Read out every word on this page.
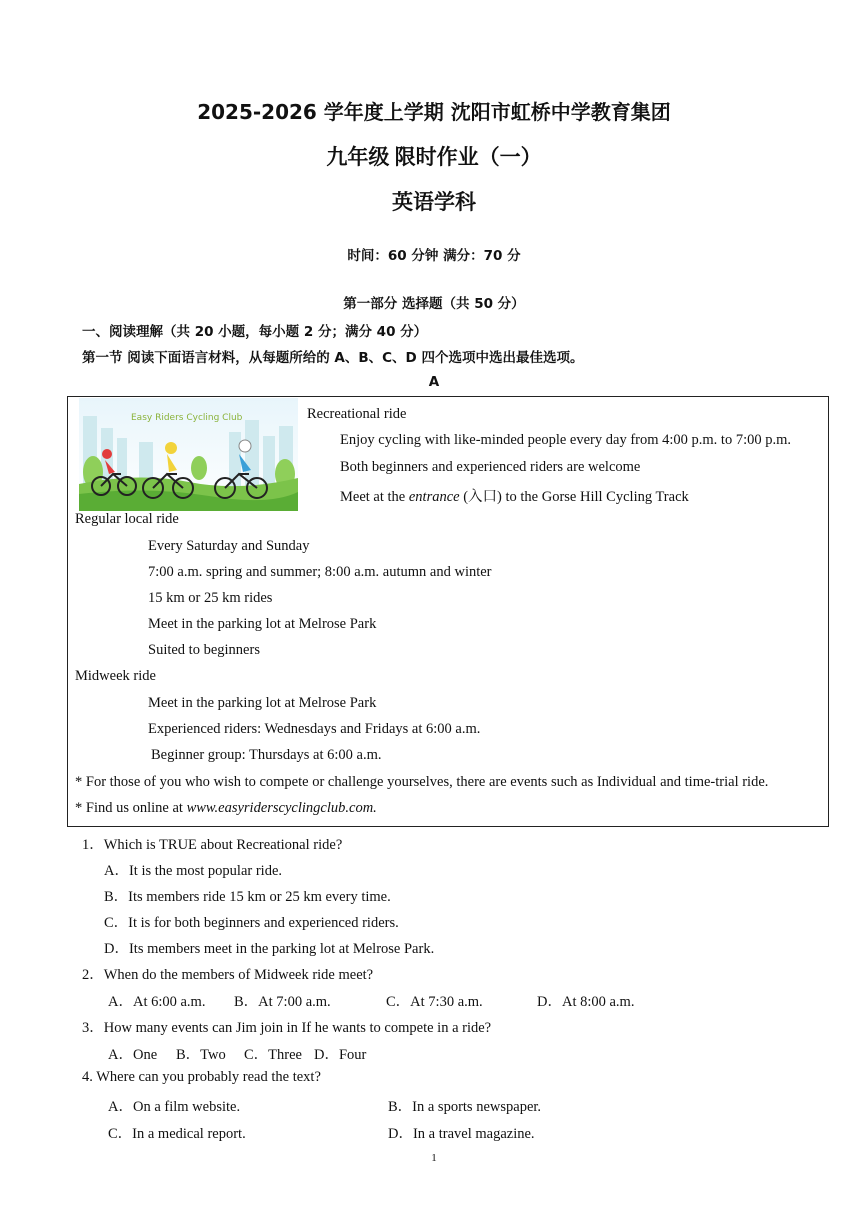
2025-2026 学年度上学期 沈阳市虹桥中学教育集团
九年级 限时作业（一）
英语学科
时间：60 分钟 满分：70 分
第一部分 选择题（共 50 分）
一、阅读理解（共 20 小题，每小题 2 分；满分 40 分）
第一节 阅读下面语言材料，从每题所给的 A、B、C、D 四个选项中选出最佳选项。
A
Easy Riders Cycling Club	Recreational ride
Enjoy cycling with like-minded people every day from 4:00 p.m. to 7:00 p.m.
Both beginners and experienced riders are welcome
Meet at the entrance (入口) to the Gorse Hill Cycling Track
Regular local ride
Every Saturday and Sunday
7:00 a.m. spring and summer; 8:00 a.m. autumn and winter
15 km or 25 km rides
Meet in the parking lot at Melrose Park
Suited to beginners
Midweek ride
Meet in the parking lot at Melrose Park
Experienced riders: Wednesdays and Fridays at 6:00 a.m.
Beginner group: Thursdays at 6:00 a.m.
* For those of you who wish to compete or challenge yourselves, there are events such as Individual and time-trial ride.
* Find us online at www.easyriderscyclingclub.com.
1．Which is TRUE about Recreational ride?
A．It is the most popular ride.
B．Its members ride 15 km or 25 km every time.
C．It is for both beginners and experienced riders.
D．Its members meet in the parking lot at Melrose Park.
2．When do the members of Midweek ride meet?
A．At 6:00 a.m. B．At 7:00 a.m.	C．At 7:30 a.m.	D．At 8:00 a.m.
3．How many events can Jim join in If he wants to compete in a ride?
A．One B．Two C．Three D．Four
4. Where can you probably read the text?
A．On a film website.	B．In a sports newspaper.
C．In a medical report.	D．In a travel magazine.
1
